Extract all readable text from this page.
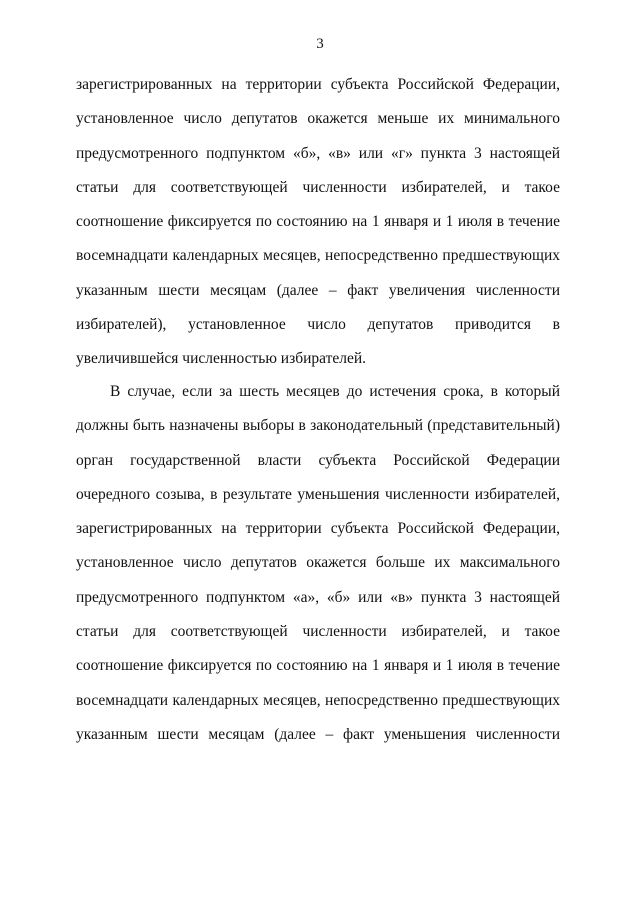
3
зарегистрированных на территории субъекта Российской Федерации,
установленное число депутатов окажется меньше их минимального
предусмотренного подпунктом «б», «в» или «г» пункта 3 настоящей
статьи для соответствующей численности избирателей, и такое
соотношение фиксируется по состоянию на 1 января и 1 июля в течение
восемнадцати календарных месяцев, непосредственно предшествующих
указанным шести месяцам (далее – факт увеличения численности
избирателей), установленное число депутатов приводится в
увеличившейся численностью избирателей.
В случае, если за шесть месяцев до истечения срока, в который
должны быть назначены выборы в законодательный (представительный)
орган государственной власти субъекта Российской Федерации
очередного созыва, в результате уменьшения численности избирателей,
зарегистрированных на территории субъекта Российской Федерации,
установленное число депутатов окажется больше их максимального
предусмотренного подпунктом «а», «б» или «в» пункта 3 настоящей
статьи для соответствующей численности избирателей, и такое
соотношение фиксируется по состоянию на 1 января и 1 июля в течение
восемнадцати календарных месяцев, непосредственно предшествующих
указанным шести месяцам (далее – факт уменьшения численности
